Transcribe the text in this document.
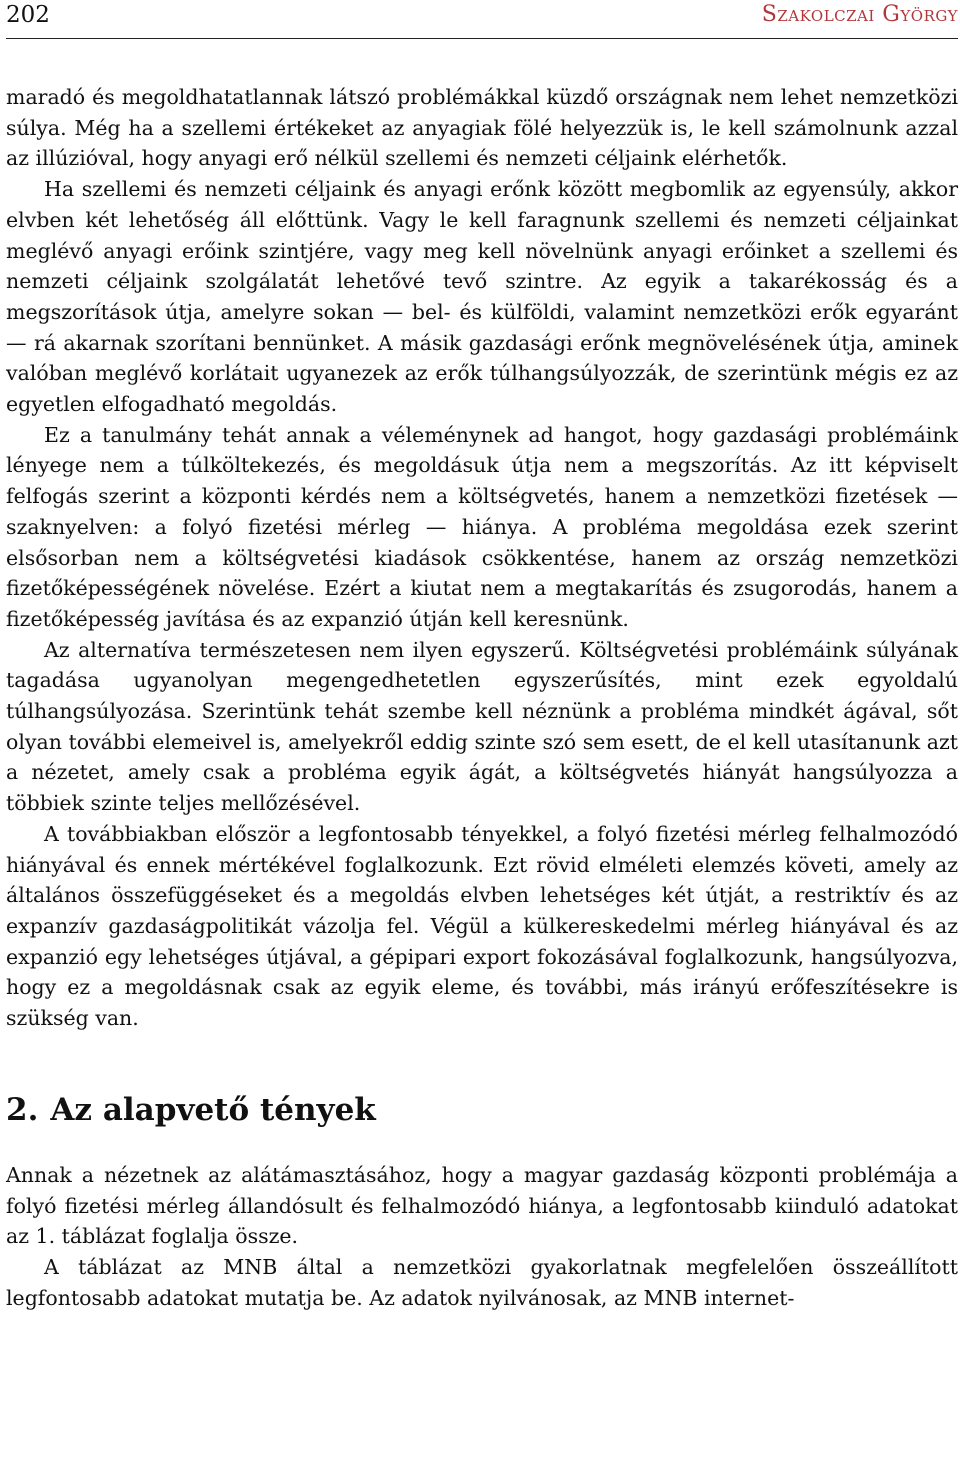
202	Szakolczai György

maradó és megoldhatatlannak látszó problémákkal küzdő országnak nem lehet nemzetközi súlya. Még ha a szellemi értékeket az anyagiak fölé helyezzük is, le kell számolnunk azzal az illúzióval, hogy anyagi erő nélkül szellemi és nemzeti céljaink elérhetők.

Ha szellemi és nemzeti céljaink és anyagi erőnk között megbomlik az egyensúly, akkor elvben két lehetőség áll előttünk. Vagy le kell faragnunk szellemi és nemzeti céljainkat meglévő anyagi erőink szintjére, vagy meg kell növelnünk anyagi erőinket a szellemi és nemzeti céljaink szolgálatát lehetővé tevő szintre. Az egyik a takarékosság és a megszorítások útja, amelyre sokan — bel- és külföldi, valamint nemzetközi erők egyaránt — rá akarnak szorítani bennünket. A másik gazdasági erőnk megnövelésének útja, aminek valóban meglévő korlátait ugyanezek az erők túlhangsúlyozzák, de szerintünk mégis ez az egyetlen elfogadható megoldás.

Ez a tanulmány tehát annak a véleménynek ad hangot, hogy gazdasági problémáink lényege nem a túlköltekezés, és megoldásuk útja nem a megszorítás. Az itt képviselt felfogás szerint a központi kérdés nem a költségvetés, hanem a nemzetközi fizetések — szaknyelven: a folyó fizetési mérleg — hiánya. A probléma megoldása ezek szerint elsősorban nem a költségvetési kiadások csökkentése, hanem az ország nemzetközi fizetőképességének növelése. Ezért a kiutat nem a megtakarítás és zsugorodás, hanem a fizetőképesség javítása és az expanzió útján kell keresnünk.

Az alternatíva természetesen nem ilyen egyszerű. Költségvetési problémáink súlyának tagadása ugyanolyan megengedhetetlen egyszerűsítés, mint ezek egyoldalú túlhangsúlyozása. Szerintünk tehát szembe kell néznünk a probléma mindkét ágával, sőt olyan további elemeivel is, amelyekről eddig szinte szó sem esett, de el kell utasítanunk azt a nézetet, amely csak a probléma egyik ágát, a költségvetés hiányát hangsúlyozza a többiek szinte teljes mellőzésével.

A továbbiakban először a legfontosabb tényekkel, a folyó fizetési mérleg felhalmozódó hiányával és ennek mértékével foglalkozunk. Ezt rövid elméleti elemzés követi, amely az általános összefüggéseket és a megoldás elvben lehetséges két útját, a restriktív és az expanzív gazdaságpolitikát vázolja fel. Végül a külkereskedelmi mérleg hiányával és az expanzió egy lehetséges útjával, a gépipari export fokozásával foglalkozunk, hangsúlyozva, hogy ez a megoldásnak csak az egyik eleme, és további, más irányú erőfeszítésekre is szükség van.

2. Az alapvető tények

Annak a nézetnek az alátámasztásához, hogy a magyar gazdaság központi problémája a folyó fizetési mérleg állandósult és felhalmozódó hiánya, a legfontosabb kiinduló adatokat az 1. táblázat foglalja össze.

A táblázat az MNB által a nemzetközi gyakorlatnak megfelelően összeállított legfontosabb adatokat mutatja be. Az adatok nyilvánosak, az MNB internet-
